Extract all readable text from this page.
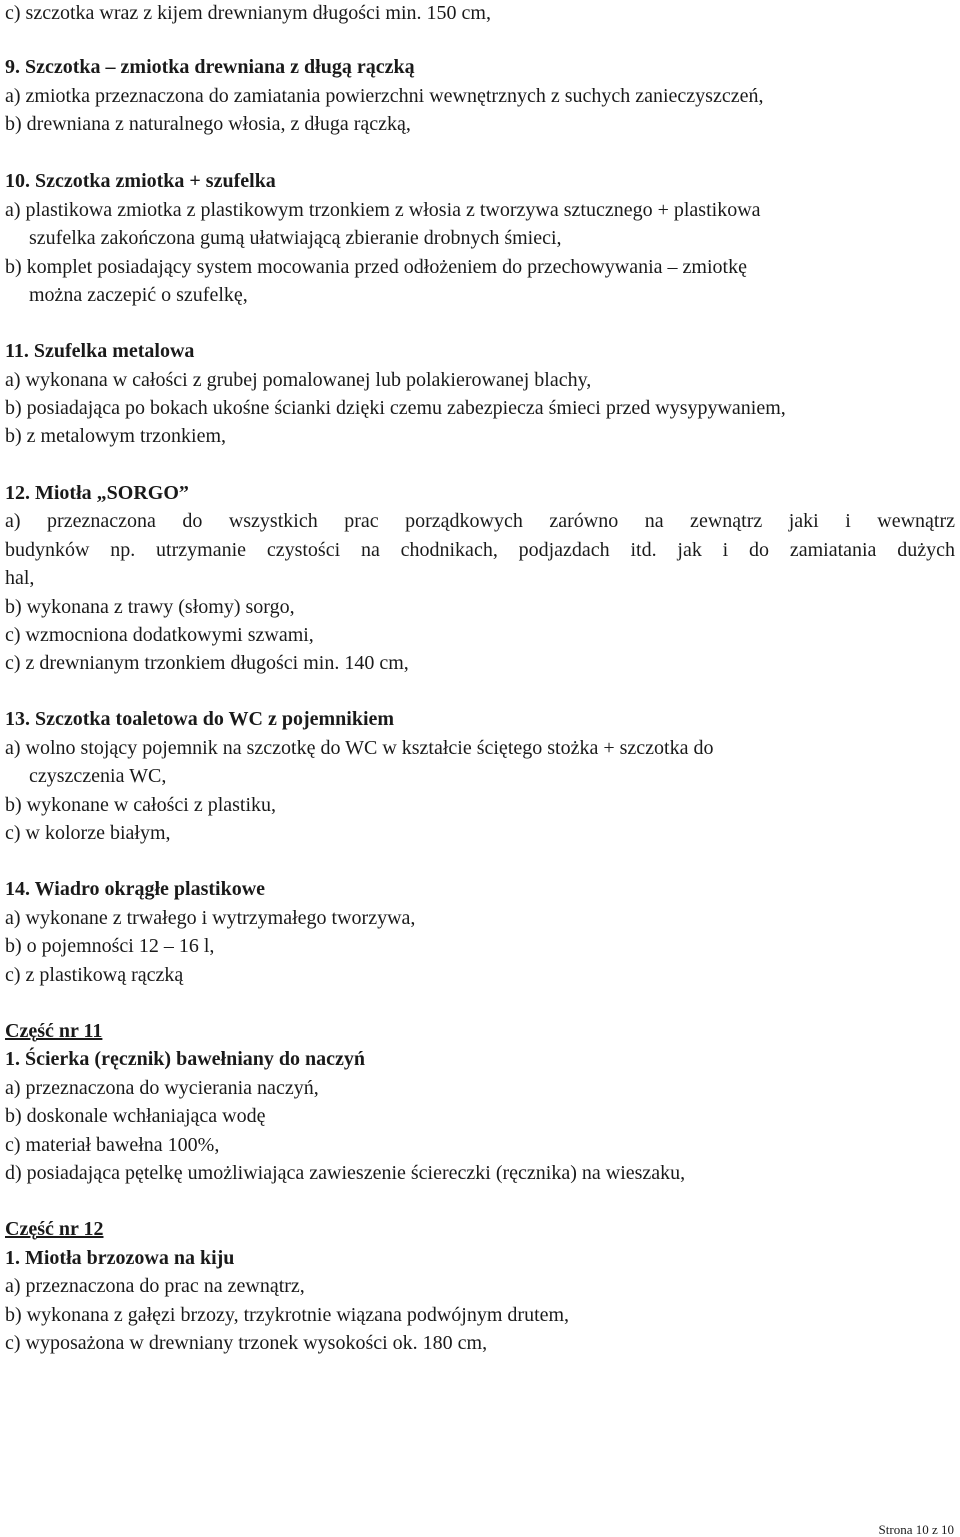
c) szczotka wraz z kijem drewnianym długości min. 150 cm,
9. Szczotka – zmiotka drewniana z długą rączką
a) zmiotka przeznaczona do zamiatania powierzchni wewnętrznych z suchych zanieczyszczeń,
b) drewniana z naturalnego włosia, z długa rączką,
10. Szczotka zmiotka + szufelka
a) plastikowa zmiotka z plastikowym trzonkiem z włosia z tworzywa sztucznego + plastikowa
szufelka zakończona gumą ułatwiającą zbieranie drobnych śmieci,
b) komplet posiadający system mocowania przed odłożeniem do przechowywania – zmiotkę
można zaczepić o szufelkę,
11. Szufelka metalowa
a) wykonana w całości z grubej pomalowanej lub polakierowanej blachy,
b) posiadająca po bokach ukośne ścianki dzięki czemu zabezpiecza śmieci przed wysypywaniem,
b) z metalowym trzonkiem,
12. Miotła „SORGO”
a) przeznaczona do wszystkich prac porządkowych zarówno na zewnątrz jaki i wewnątrz
budynków np. utrzymanie czystości na chodnikach, podjazdach itd. jak i do zamiatania dużych
hal,
b) wykonana z trawy (słomy) sorgo,
c) wzmocniona dodatkowymi szwami,
c) z drewnianym trzonkiem długości min. 140 cm,
13. Szczotka toaletowa do WC z pojemnikiem
a) wolno stojący pojemnik na szczotkę do WC w kształcie ściętego stożka + szczotka do
czyszczenia WC,
b) wykonane w całości z plastiku,
c) w kolorze białym,
14. Wiadro okrągłe plastikowe
a) wykonane z trwałego i wytrzymałego tworzywa,
b) o pojemności 12 – 16 l,
c) z plastikową rączką
Część nr 11
1. Ścierka (ręcznik) bawełniany do naczyń
a) przeznaczona do wycierania naczyń,
b) doskonale wchłaniająca wodę
c) materiał bawełna 100%,
d) posiadająca pętelkę umożliwiająca zawieszenie ściereczki (ręcznika) na wieszaku,
Część nr 12
1. Miotła brzozowa na kiju
a) przeznaczona do prac na zewnątrz,
b) wykonana z gałęzi brzozy, trzykrotnie wiązana podwójnym drutem,
c) wyposażona w drewniany trzonek wysokości ok. 180 cm,
Strona 10 z 10
